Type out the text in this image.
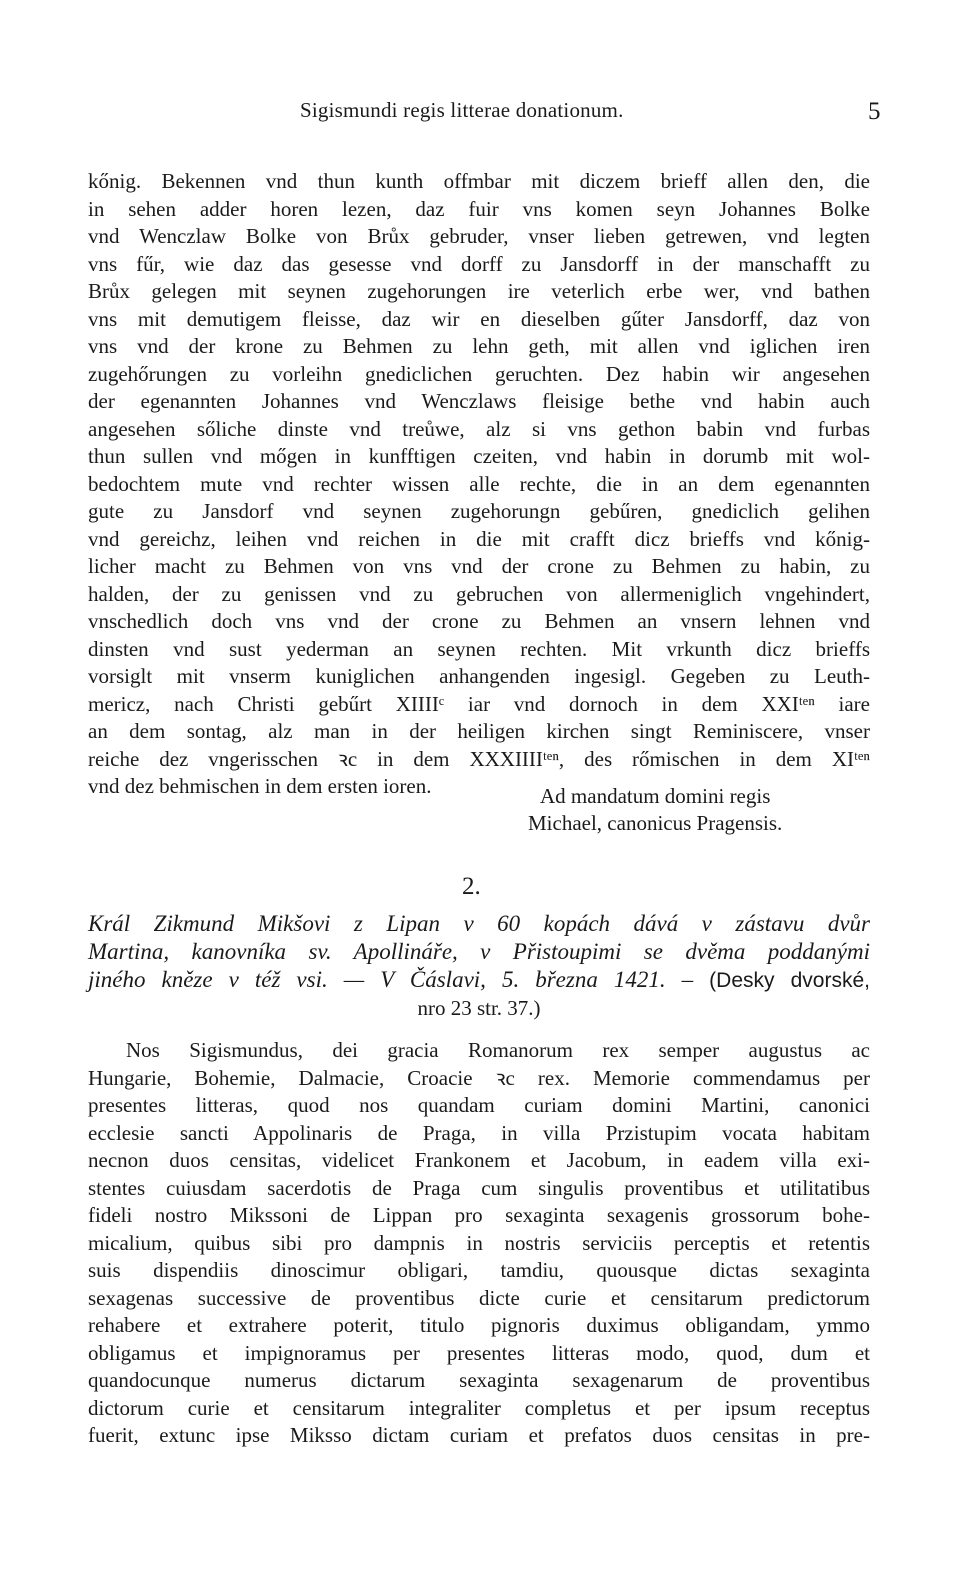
Sigismundi regis litterae donationum.	5
kőnig. Bekennen vnd thun kunth offmbar mit diczem brieff allen den, die
in sehen adder horen lezen, daz fuir vns komen seyn Johannes Bolke
vnd Wenczlaw Bolke von Brůx gebruder, vnser lieben getrewen, vnd legten
vns fűr, wie daz das gesesse vnd dorff zu Jansdorff in der manschafft zu
Brůx gelegen mit seynen zugehorungen ire veterlich erbe wer, vnd bathen
vns mit demutigem fleisse, daz wir en dieselben gűter Jansdorff, daz von
vns vnd der krone zu Behmen zu lehn geth, mit allen vnd iglichen iren
zugehőrungen zu vorleihn gnediclichen geruchten. Dez habin wir angesehen
der egenannten Johannes vnd Wenczlaws fleisige bethe vnd habin auch
angesehen sőliche dinste vnd treůwe, alz si vns gethon babin vnd furbas
thun sullen vnd mőgen in kunfftigen czeiten, vnd habin in dorumb mit wol-
bedochtem mute vnd rechter wissen alle rechte, die in an dem egenannten
gute zu Jansdorf vnd seynen zugehorungn gebűren, gnediclich gelihen
vnd gereichz, leihen vnd reichen in die mit crafft dicz brieffs vnd kőnig-
licher macht zu Behmen von vns vnd der crone zu Behmen zu habin, zu
halden, der zu genissen vnd zu gebruchen von allermeniglich vngehindert,
vnschedlich doch vns vnd der crone zu Behmen an vnsern lehnen vnd
dinsten vnd sust yederman an seynen rechten. Mit vrkunth dicz brieffs
vorsiglt mit vnserm kuniglichen anhangenden ingesigl. Gegeben zu Leuth-
mericz, nach Christi gebűrt XIIIIᶜ iar vnd dornoch in dem XXIᵗᵉⁿ iare
an dem sontag, alz man in der heiligen kirchen singt Reminiscere, vnser
reiche dez vngerisschen ꝛc in dem XXXIIIIᵗᵉⁿ, des rőmischen in dem XIᵗᵉⁿ
vnd dez behmischen in dem ersten ioren.	Ad mandatum domini regis
Michael, canonicus Pragensis.
2.
Král Zikmund Mikšovi z Lipan v 60 kopách dává v zástavu dvůr
Martina, kanovníka sv. Apollináře, v Přistoupimi se dvěma poddanými
jiného kněze v též vsi. — V Čáslavi, 5. března 1421. – (Desky dvorské,
nro 23 str. 37.)
Nos Sigismundus, dei gracia Romanorum rex semper augustus ac
Hungarie, Bohemie, Dalmacie, Croacie ꝛc rex. Memorie commendamus per
presentes litteras, quod nos quandam curiam domini Martini, canonici
ecclesie sancti Appolinaris de Praga, in villa Przistupim vocata habitam
necnon duos censitas, videlicet Frankonem et Jacobum, in eadem villa exi-
stentes cuiusdam sacerdotis de Praga cum singulis proventibus et utilitatibus
fideli nostro Mikssoni de Lippan pro sexaginta sexagenis grossorum bohe-
micalium, quibus sibi pro dampnis in nostris serviciis perceptis et retentis
suis dispendiis dinoscimur obligari, tamdiu, quousque dictas sexaginta
sexagenas successive de proventibus dicte curie et censitarum predictorum
rehabere et extrahere poterit, titulo pignoris duximus obligandam, ymmo
obligamus et impignoramus per presentes litteras modo, quod, dum et
quandocunque numerus dictarum sexaginta sexagenarum de proventibus
dictorum curie et censitarum integraliter completus et per ipsum receptus
fuerit, extunc ipse Miksso dictam curiam et prefatos duos censitas in pre-
